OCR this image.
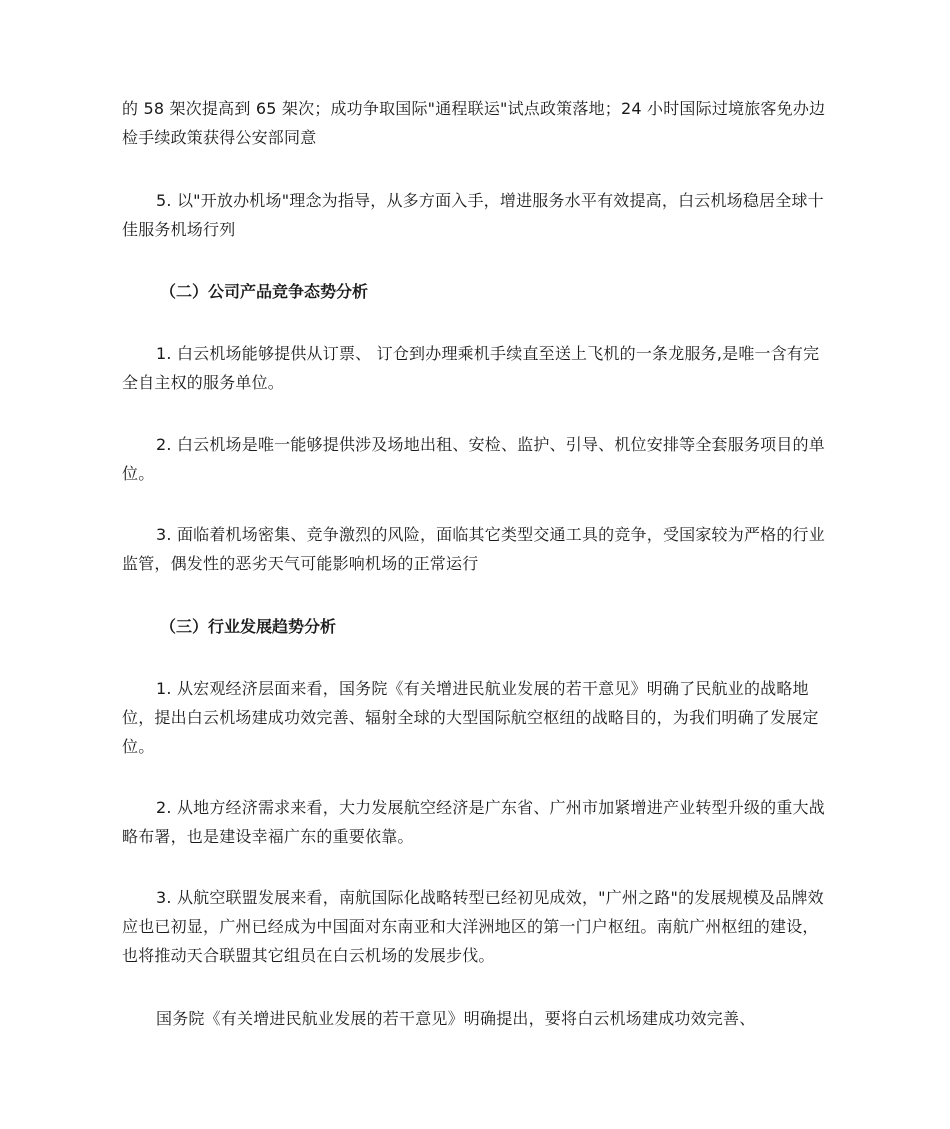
的 58 架次提高到 65 架次；成功争取国际"通程联运"试点政策落地；24 小时国际过境旅客免办边检手续政策获得公安部同意

5. 以"开放办机场"理念为指导，从多方面入手，增进服务水平有效提高，白云机场稳居全球十佳服务机场行列

（二）公司产品竞争态势分析

1. 白云机场能够提供从订票、 订仓到办理乘机手续直至送上飞机的一条龙服务,是唯一含有完全自主权的服务单位。

2. 白云机场是唯一能够提供涉及场地出租、安检、监护、引导、机位安排等全套服务项目的单位。

3. 面临着机场密集、竞争激烈的风险，面临其它类型交通工具的竞争，受国家较为严格的行业监管，偶发性的恶劣天气可能影响机场的正常运行

（三）行业发展趋势分析

1. 从宏观经济层面来看，国务院《有关增进民航业发展的若干意见》明确了民航业的战略地位，提出白云机场建成功效完善、辐射全球的大型国际航空枢纽的战略目的，为我们明确了发展定位。

2. 从地方经济需求来看，大力发展航空经济是广东省、广州市加紧增进产业转型升级的重大战略布署，也是建设幸福广东的重要依靠。

3. 从航空联盟发展来看，南航国际化战略转型已经初见成效，"广州之路"的发展规模及品牌效应也已初显，广州已经成为中国面对东南亚和大洋洲地区的第一门户枢纽。南航广州枢纽的建设，也将推动天合联盟其它组员在白云机场的发展步伐。

国务院《有关增进民航业发展的若干意见》明确提出，要将白云机场建成功效完善、
